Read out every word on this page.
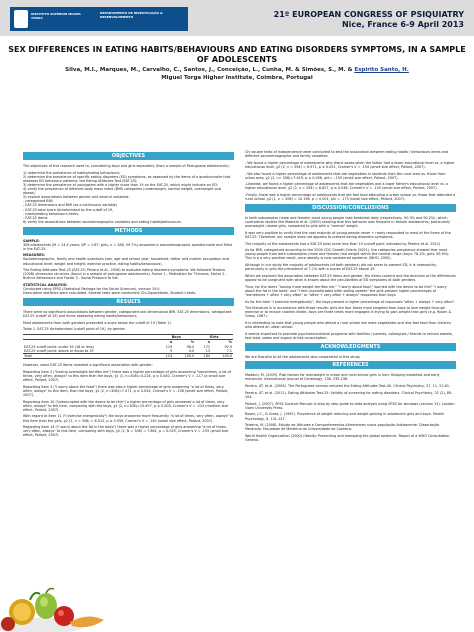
INSTITUTO SUPERIOR MIGUEL TORGA
DEPARTAMENTO DE INVESTIGAÇÃO & DESENVOLVIMENTO	21º EUROPEAN CONGRESS OF PSIQUIATRY
Nice, France 6-9 April 2013
SEX DIFFERENCES IN EATING HABITS/BEHAVIOURS AND EATING DISORDERS SYMPTOMS, IN A SAMPLE OF ADOLESCENTS
Silva, M.I., Marques, M., Carvalho, C., Santos, J., Conceição, L., Cunha, M. & Simões, S., M. & Espirito Santo, H.
Miguel Torga Higher Institute, Coimbra, Portugal
OBJECTIVES

The objectives of this research were to, considering boys and girls separately (from a sample of Portuguese adolescents):

1) determine the prevalence of habits/eating behaviours;
2) determine the prevalence of specific eating disorders (ED) symptoms, as assessed by the items of a questionnaire that assesses ED behaviour patterns, the Eating Attitudes Test (EAT-25);
3) determine the prevalence of youngsters with a higher score than 19 on the EAT-25, which might indicate an ED;
4) verify the prevalence of different body mass index (BMI) categories (underweight, normal weight, overweight and obese);
5) explore associations between gender and several variables:
- categorised BMI,
- EAT-25 dimensions and BMI (as a continuous variable)
- EAT-25 total score dichotomised by the cutoff of 19,
- habits/eating behaviours items,
- EAT-25 items.
6) verify the associations between sociodemographic variables and eating habits/behaviours.
METHODS

SAMPLE:
308 adolescents (M = 14.5 years; DP = 1.67; girls, n = 186, 59.7%) answered a sociodemographic questionnaire and filled in the EAT-25.

MEASURES:
Sociodemographic, family and health questions (sex, age and school year; household; father and mother occupation and educational level; weight and height; exercise practice, eating habits/behaviours).

The Eating Attitudes Test-25 (EAT-25; Pereira et al., 2006) to evaluate eating disorders symptoms. We followed Teixeira (2008) dimension structure (found in a sample of portuguese adolescents): Factor 1 - Motivation for Thinness, Factor 2 - Bulimic Behaviours and Factor 3 - Social Pressure to Eat.

STATISTICAL ANALYSIS:
Conducted using SPSS (Statistical Package for the Social Sciences), version 19.0.
Descriptive statistics were calculated. Several tests were conducted: Chi-Squaretests, Student t tests.

RESULTS

There were no significant associations between gender, categorized and dimensional BMI, EAT-25 dimensions, categorized EAT-25 (cutoff of 19) and items assessing eating habits/behaviours.

Most adolescents from both genders presented a score below the cutoff of 19 (Table 1).

Table 1. EAT-25 dichotomized (cutoff point of 19), by gender.

	Boys		Girls	
	n	%	n	%
EAT-25 cutoff point: under 19 (18 or less)	119	96.0	171	92.9
EAT-25 cutoff point: above or equal to 19	5	4.0	13	7.1
Total	124	100.0	184	100.0

However, some EAT-25 items revealed a significant association with gender:

Regarding item 2 ("having overweight terrifies me") there was a higher percentage of girls answering "sometimes, a lot of times, very often, always" to this item than the boys, χ2 (1, n=308)=4.216, p ≤ 0.040, Cramer's V = .117 (a small size effect, Pallant, 2007).

Regarding item 3 ("I worry about the food") there was also a higher percentage of girls answering "a lot of times, very often, always" to this item, than the boys, χ2 (2, n=308)=7.471, p ≤ 0.024, Cramer's V = .156 (small size effect, Pallant, 2007).

Regarding item 10 ("preoccupied with the desire to be thin") a higher percentage of girls answered a lot of times, very often, always" to the item, comparing with the boys, χ2 (2, n=308)=15.497, p ≤ 0.000, Cramer's V = .224 (medium size effect, Pallant, 2007).

With regard to item 11 ("I exercise energetically") the boys answered more frequently "a lot of times, very often, always" to this item than the girls, χ2 (2, n = 308) = 6.012, p ≤ 0.050, Cramer's V = .140 (small size effect, Pallant, 2007).

Regarding item 14 ("I worry about the fat in the body") there was a higher percentage of girls answering "a lot of times, very often, always" to this item, comparing with boys, χ2 (2, N = 308) = 7.861, p = 0.025, Cramer's V = .155 (small size effect, Pallant, 2007).

Chi square tests of independence were conducted to test the association between eating habits / behaviours items and different sociodemographic and family variables:

- We found a higher percentage of adolescents who drank sodas when the father had a lower educational level vs. a higher educational level, χ2 (2, n = 294) = 6.971, p ≤ 0.031, Cramer's V = .154 (small size effect, Pallant, 2007).

- We also found a higher percentage of adolescents that ate vegetables in students from the rural area vs. those from urban area, χ2 (2, n= 308)=7.419, p ≤ 0.006, phi= -.155 (small size effect, Pallant, 2007).

-Likewise, we found a higher percentage of adolescents that ate vegetables and a lower father's educational level vs. a higher educational level, χ2 (2, n = 294) = 6.627, p ≤ 0.036, Cramer's V = .150 (small size effect, Pallant, 2007).

-Finally, there was a higher percentage of adolescents that ate fast food attending a urban school vs. those that attended a rural school, χ2 (1, n = 308) = 10.198, p = 0.001, phi = .173 (small size effect, Pallant, 2007).

DISCUSSION/CONCLUSIONS

In both subsamples (male and female) most young people take breakfast daily (respectively, 90.3% and 90.2%), which contradicts studies like Madduh et al. (2009) showing that this behavior was frequent in female adolescents, particularly overweight / obese girls, compared to girls with a "normal" weight.

It was very positive to verify that the vast majority of young people never + rarely responded to most of the items of the EAT-25. Therefore, our sample does not appears to present eating disorders symptoms.

The majority of the adolescents had a EAT-25 total score less than 19 (cutoff point indicated by Pereira et al. 2011)

As for BMI, categorized according to the 2000 CDC Growth Charts (2001), the categories prevalence showed that most young people from both subsamples (male and female) had weight within the normal range (boys: 78.2%; girls: 85.9%). This is a a very positive result, once obesity is now considered epidemic (WHO, 2000).

Although in our study the majority of adolescents (of both genders) did not seem to present ED, it is noteworthy, particularly in girls the prevalence of 7.1% with a scores of EAT-25 above 19.

When we explored the association between EAT-25 items and gender, the items content and the direction of the differences appear to be congruent with what is known about the peculiarities of ED symptoms at both genders.

Thus, for the items "having more weight terrifies me," "I worry about food," worried with the desire to be thin" "I worry about the fat in the body" and "I feel uncomfortable after eating sweets" the girls present higher percentages of "sometimes + often + very often" or "often + very often + always" responses than boys.

As for the item "I exercise energetically", the boys present a higher percentage of responses "often + always + very often".

The literature is in accordance with these results: girls are four times more targeted than boys to lose weight through exercise or to reduce calories intake, boys are three times more engaged in trying to gain weight than girls (e.g. Rosen & Gross, 1987).

It is interesting to note that young people who attend a rural school eat more vegetables and less fast food than children who attend an urban school.

It seems important to promote psychoeducational programs with families / parents, colleagues / friends to reduce sweets, fast food, sodas and sugary drinks consumption.

ACKNOWLEDGMENTS

We are thankful to all the adolescents who cooperated in this study.

REFERENCES

Madduh, M. (2009). Risk factors for overweight in urban and rural school girls in Iran: Skipping breakfast and early menarche. International Journal of Cardiology, 136, 235-238.

Pereira, AT. et al. (2006). The Portuguese version reduced the Eating Attitudes Test-40. Clinical Psychiatry, 27, 11, 51-61.

Pereira, AT. et al. (2011). Eating Attitudes Test-25: Validity of screening for eating disorders. Clinical Psychiatry, 32 (2), 89-104.

Pallant, J. (2007). SPSS Survival Manual: A step by step guide to data analysis using SPSS for windows (version 15). London: Open University Press.

Rosen, J.C., & Gross, J. (1987). Prevalence of weight reducing and weight gaining in adolescent girls and boys. Health Psychology, 6, 131-147.

Teixeira, M. (2008). Estudo de Atitudes e Comportamentos Alimentares numa população Adolescente. Dissertação Mestrado. Faculdade de Medicina da Universidade de Coimbra.

World Health Organization (2000) Obesity: Preventing and managing the global epidemic. Report of a WHO Consultation, Geneva.
